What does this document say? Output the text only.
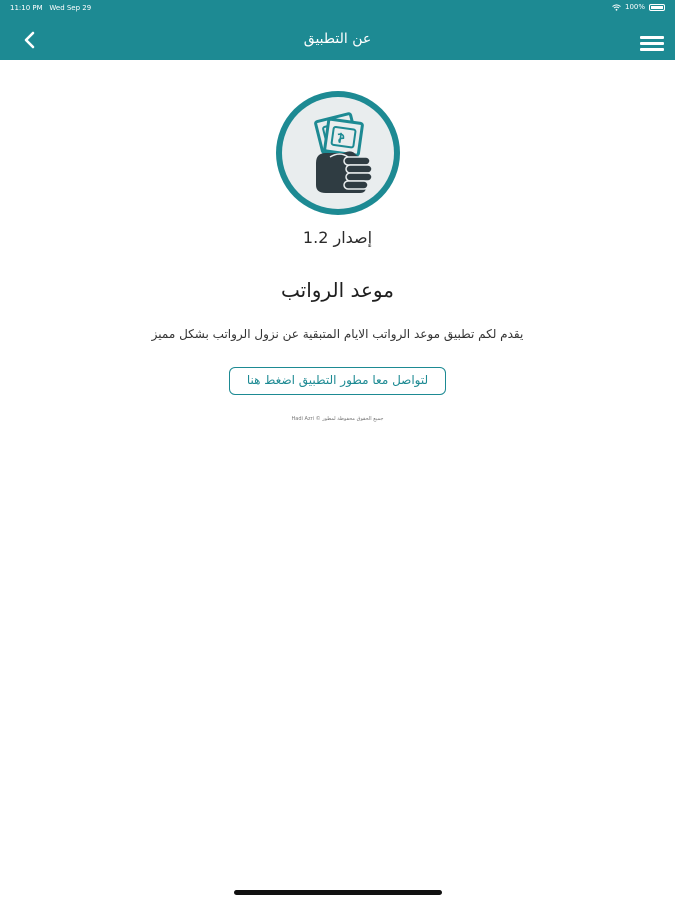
11:10 PM Wed Sep 29	100%
عن التطبيق
إصدار 1.2
موعد الرواتب
يقدم لكم تطبيق موعد الرواتب الايام المتبقية عن نزول الرواتب بشكل مميز
لتواصل معا مطور التطبيق اضغط هنا
جميع الحقوق محفوظة لمطور © Hadi Azri
